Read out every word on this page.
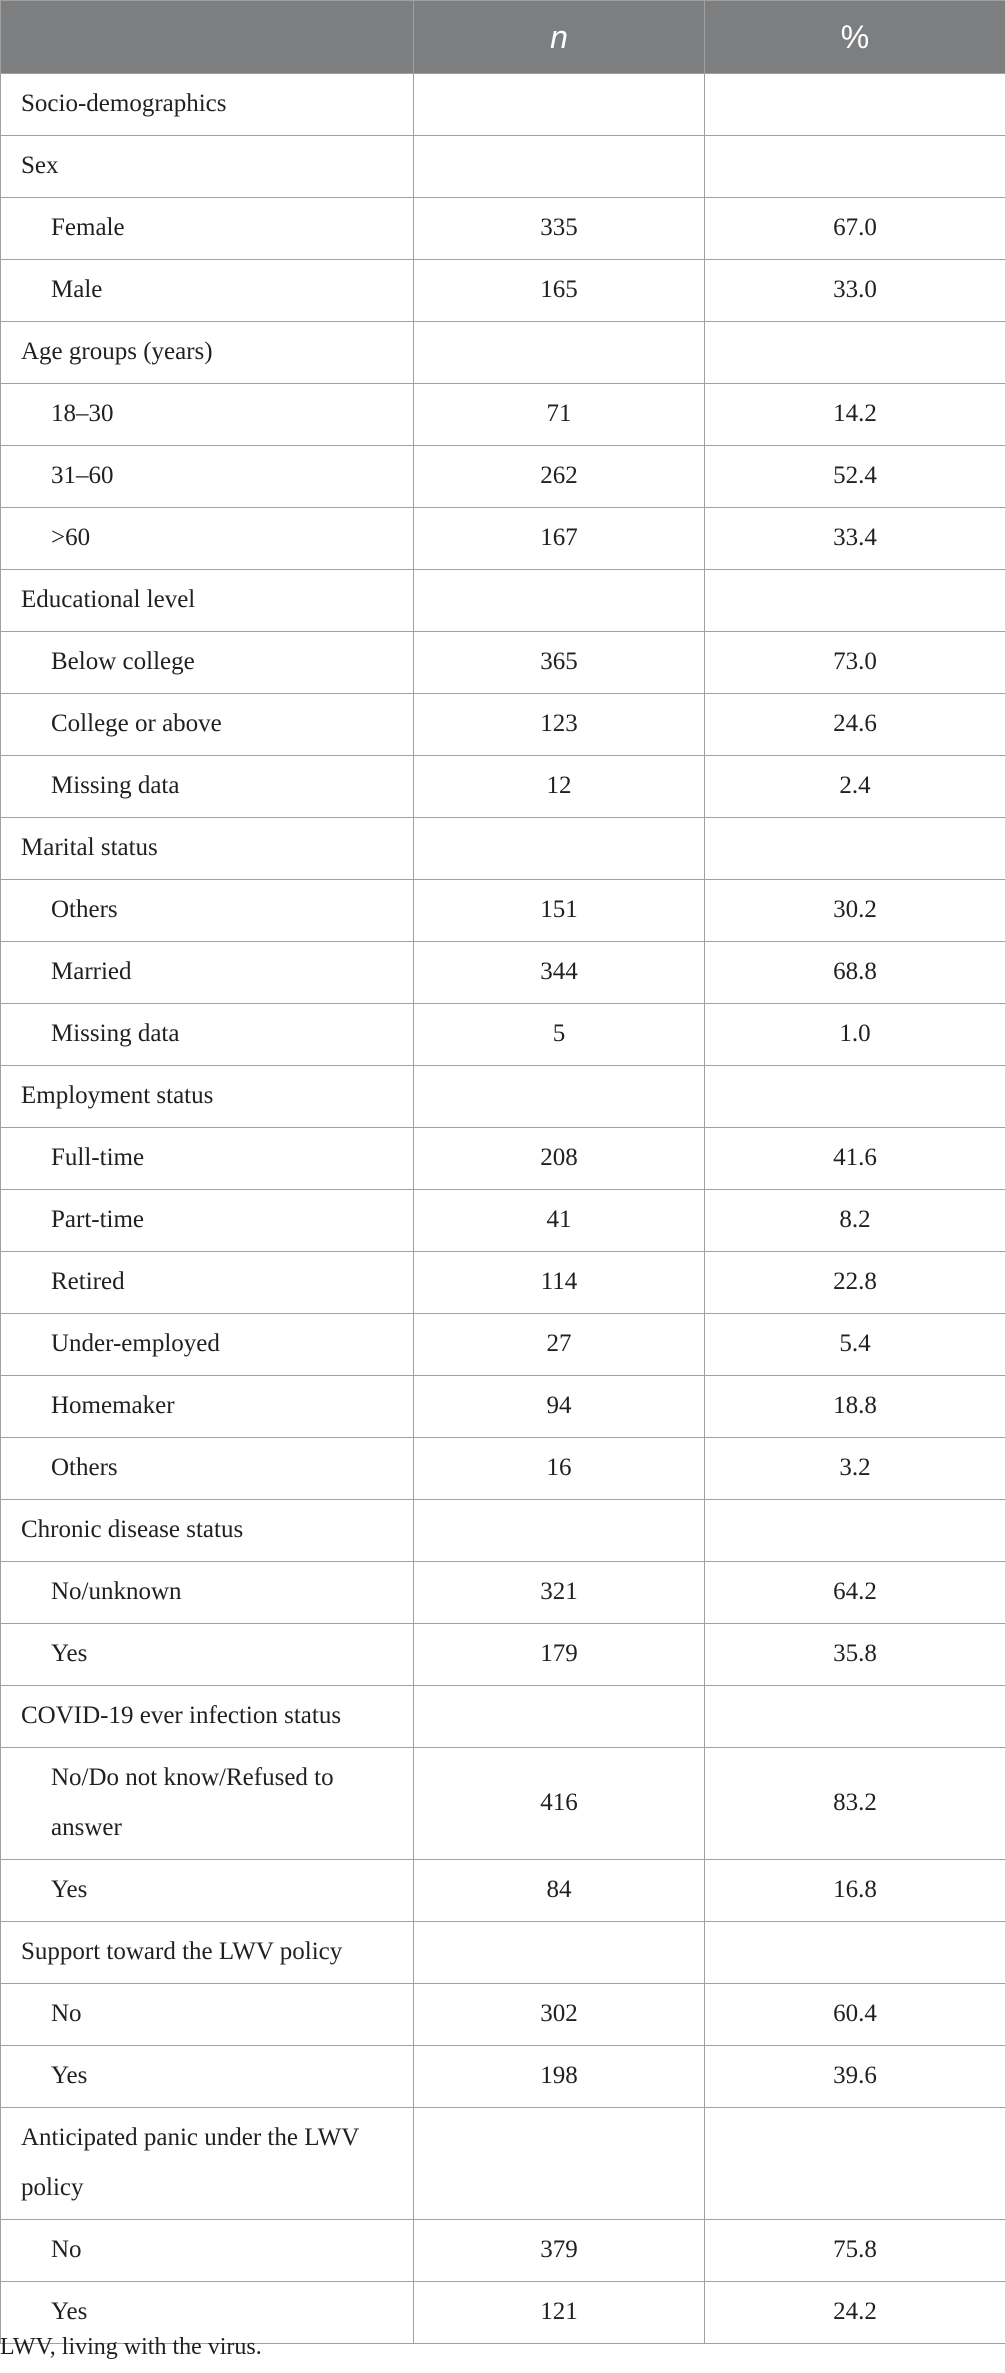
	n	%
Socio-demographics		
Sex		
Female	335	67.0
Male	165	33.0
Age groups (years)		
18–30	71	14.2
31–60	262	52.4
>60	167	33.4
Educational level		
Below college	365	73.0
College or above	123	24.6
Missing data	12	2.4
Marital status		
Others	151	30.2
Married	344	68.8
Missing data	5	1.0
Employment status		
Full-time	208	41.6
Part-time	41	8.2
Retired	114	22.8
Under-employed	27	5.4
Homemaker	94	18.8
Others	16	3.2
Chronic disease status		
No/unknown	321	64.2
Yes	179	35.8
COVID-19 ever infection status		
No/Do not know/Refused to answer	416	83.2
Yes	84	16.8
Support toward the LWV policy		
No	302	60.4
Yes	198	39.6
Anticipated panic under the LWV policy		
No	379	75.8
Yes	121	24.2
LWV, living with the virus.
